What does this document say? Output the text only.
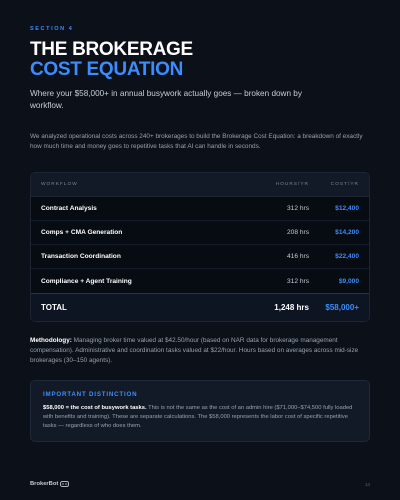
SECTION 4
THE BROKERAGE
COST EQUATION

Where your $58,000+ in annual busywork actually goes — broken down by workflow.

We analyzed operational costs across 240+ brokerages to build the Brokerage Cost Equation: a breakdown of exactly how much time and money goes to repetitive tasks that AI can handle in seconds.

WORKFLOW	HOURS/YR	COST/YR
Contract Analysis	312 hrs	$12,400
Comps + CMA Generation	208 hrs	$14,200
Transaction Coordination	416 hrs	$22,400
Compliance + Agent Training	312 hrs	$9,000
TOTAL	1,248 hrs	$58,000+

Methodology: Managing broker time valued at $42.50/hour (based on NAR data for brokerage management compensation). Administrative and coordination tasks valued at $22/hour. Hours based on averages across mid-size brokerages (30–150 agents).

IMPORTANT DISTINCTION

$58,000 = the cost of busywork tasks. This is not the same as the cost of an admin hire ($71,000–$74,500 fully loaded with benefits and training). These are separate calculations. The $58,000 represents the labor cost of specific repetitive tasks — regardless of who does them.

BrokerBot	14
